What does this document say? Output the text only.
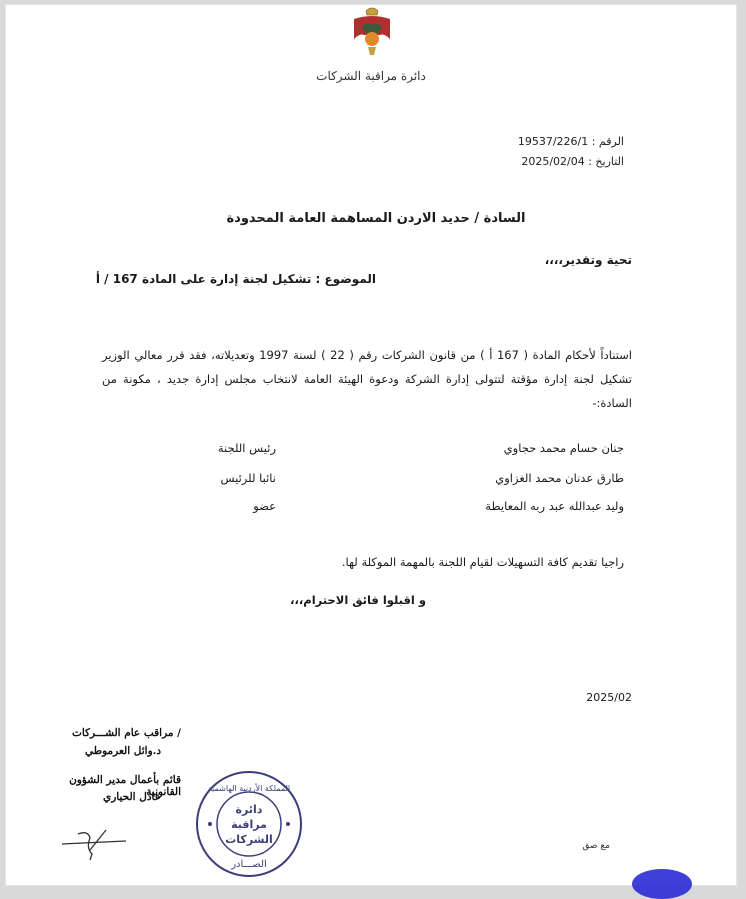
دائرة مراقبة الشركات
الرقم : 19537/226/1
التاريخ : 2025/02/04
السادة / حديد الاردن المساهمة العامة المحدودة
تحية وتقدير،،،،
الموضوع : تشكيل لجنة إدارة على المادة 167 / أ
استناداً لأحكام المادة ( 167 أ ) من قانون الشركات رقم ( 22 ) لسنة 1997 وتعديلاته، فقد قرر معالي الوزير تشكيل لجنة إدارة مؤقتة لتتولى إدارة الشركة ودعوة الهيئة العامة لانتخاب مجلس إدارة جديد ، مكونة من السادة:-
جنان حسام محمد حجاوي
رئيس اللجنة
طارق عدنان محمد الغزاوي
نائبا للرئيس
وليد عبدالله عبد ربه المعايطة
عضو
راجيا تقديم كافة التسهيلات لقيام اللجنة بالمهمة الموكلة لها.
و اقبلوا فائق الاحترام،،،
2025/02
/ مراقب عام الشـــركات
د.وائل العرموطي
قائم بأعمال مدير الشؤون القانونية
عادل الحياري
المملكة الأردنية الهاشمية
دائرة
مراقبة
الشركات
الصـــادر
مع صق
